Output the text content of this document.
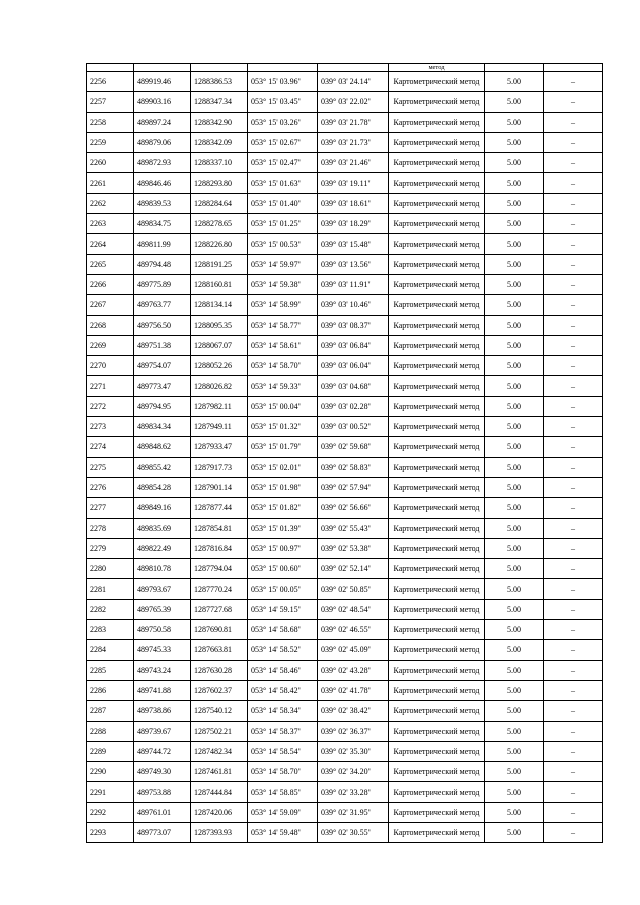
					метод		
2256	489919.46	1288386.53	053° 15' 03.96"	039° 03' 24.14"	Картометрический метод	5.00	–
2257	489903.16	1288347.34	053° 15' 03.45"	039° 03' 22.02"	Картометрический метод	5.00	–
2258	489897.24	1288342.90	053° 15' 03.26"	039° 03' 21.78"	Картометрический метод	5.00	–
2259	489879.06	1288342.09	053° 15' 02.67"	039° 03' 21.73"	Картометрический метод	5.00	–
2260	489872.93	1288337.10	053° 15' 02.47"	039° 03' 21.46"	Картометрический метод	5.00	–
2261	489846.46	1288293.80	053° 15' 01.63"	039° 03' 19.11"	Картометрический метод	5.00	–
2262	489839.53	1288284.64	053° 15' 01.40"	039° 03' 18.61"	Картометрический метод	5.00	–
2263	489834.75	1288278.65	053° 15' 01.25"	039° 03' 18.29"	Картометрический метод	5.00	–
2264	489811.99	1288226.80	053° 15' 00.53"	039° 03' 15.48"	Картометрический метод	5.00	–
2265	489794.48	1288191.25	053° 14' 59.97"	039° 03' 13.56"	Картометрический метод	5.00	–
2266	489775.89	1288160.81	053° 14' 59.38"	039° 03' 11.91"	Картометрический метод	5.00	–
2267	489763.77	1288134.14	053° 14' 58.99"	039° 03' 10.46"	Картометрический метод	5.00	–
2268	489756.50	1288095.35	053° 14' 58.77"	039° 03' 08.37"	Картометрический метод	5.00	–
2269	489751.38	1288067.07	053° 14' 58.61"	039° 03' 06.84"	Картометрический метод	5.00	–
2270	489754.07	1288052.26	053° 14' 58.70"	039° 03' 06.04"	Картометрический метод	5.00	–
2271	489773.47	1288026.82	053° 14' 59.33"	039° 03' 04.68"	Картометрический метод	5.00	–
2272	489794.95	1287982.11	053° 15' 00.04"	039° 03' 02.28"	Картометрический метод	5.00	–
2273	489834.34	1287949.11	053° 15' 01.32"	039° 03' 00.52"	Картометрический метод	5.00	–
2274	489848.62	1287933.47	053° 15' 01.79"	039° 02' 59.68"	Картометрический метод	5.00	–
2275	489855.42	1287917.73	053° 15' 02.01"	039° 02' 58.83"	Картометрический метод	5.00	–
2276	489854.28	1287901.14	053° 15' 01.98"	039° 02' 57.94"	Картометрический метод	5.00	–
2277	489849.16	1287877.44	053° 15' 01.82"	039° 02' 56.66"	Картометрический метод	5.00	–
2278	489835.69	1287854.81	053° 15' 01.39"	039° 02' 55.43"	Картометрический метод	5.00	–
2279	489822.49	1287816.84	053° 15' 00.97"	039° 02' 53.38"	Картометрический метод	5.00	–
2280	489810.78	1287794.04	053° 15' 00.60"	039° 02' 52.14"	Картометрический метод	5.00	–
2281	489793.67	1287770.24	053° 15' 00.05"	039° 02' 50.85"	Картометрический метод	5.00	–
2282	489765.39	1287727.68	053° 14' 59.15"	039° 02' 48.54"	Картометрический метод	5.00	–
2283	489750.58	1287690.81	053° 14' 58.68"	039° 02' 46.55"	Картометрический метод	5.00	–
2284	489745.33	1287663.81	053° 14' 58.52"	039° 02' 45.09"	Картометрический метод	5.00	–
2285	489743.24	1287630.28	053° 14' 58.46"	039° 02' 43.28"	Картометрический метод	5.00	–
2286	489741.88	1287602.37	053° 14' 58.42"	039° 02' 41.78"	Картометрический метод	5.00	–
2287	489738.86	1287540.12	053° 14' 58.34"	039° 02' 38.42"	Картометрический метод	5.00	–
2288	489739.67	1287502.21	053° 14' 58.37"	039° 02' 36.37"	Картометрический метод	5.00	–
2289	489744.72	1287482.34	053° 14' 58.54"	039° 02' 35.30"	Картометрический метод	5.00	–
2290	489749.30	1287461.81	053° 14' 58.70"	039° 02' 34.20"	Картометрический метод	5.00	–
2291	489753.88	1287444.84	053° 14' 58.85"	039° 02' 33.28"	Картометрический метод	5.00	–
2292	489761.01	1287420.06	053° 14' 59.09"	039° 02' 31.95"	Картометрический метод	5.00	–
2293	489773.07	1287393.93	053° 14' 59.48"	039° 02' 30.55"	Картометрический метод	5.00	–
